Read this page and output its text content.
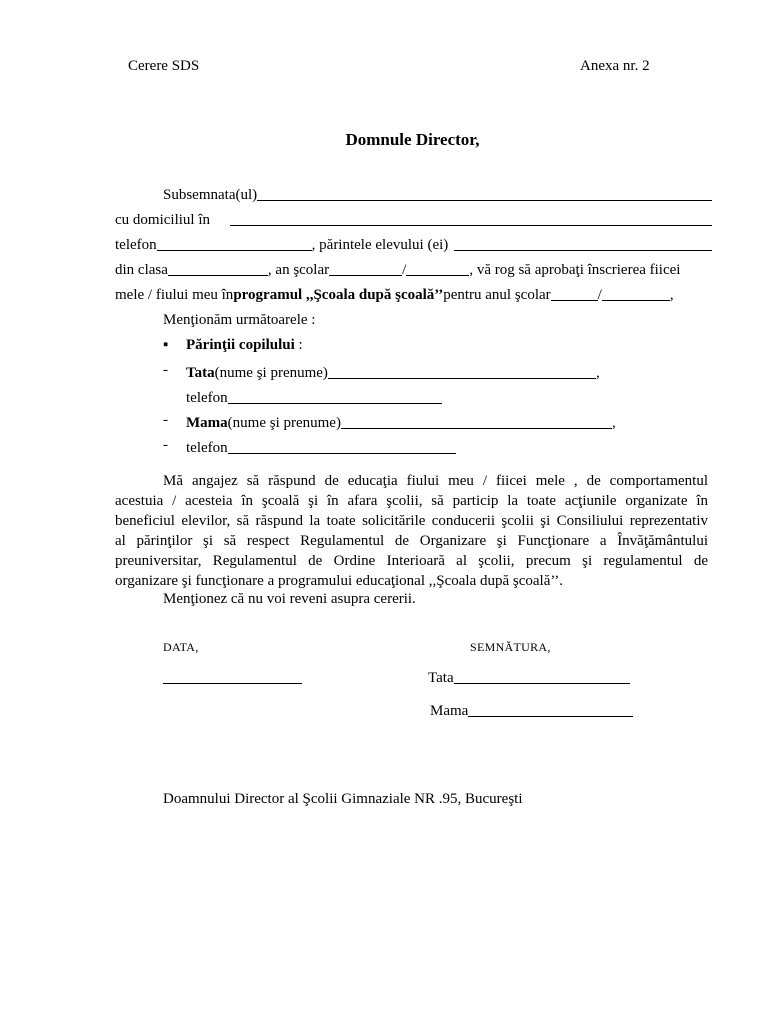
Cerere SDS	Anexa nr. 2
Domnule Director,
Subsemnata(ul)
cu domiciliul în
telefon	, părintele elevului (ei)
din clasa	, an şcolar	/	, vă rog să aprobaţi înscrierea fiicei
mele / fiului meu în programul ,,Şcoala după şcoală’’ pentru anul şcolar	/	,
Menţionăm următoarele :
▪ Părinţii copilului :
- Tata (nume şi prenume)	,
telefon
- Mama (nume şi prenume)	,
- telefon
Mă angajez să răspund de educaţia fiului meu / fiicei mele , de comportamentul
acestuia / acesteia în şcoală şi în afara şcolii, să particip la toate acţiunile organizate în
beneficiul elevilor, să răspund la toate solicitările conducerii şcolii şi Consiliului reprezentativ
al părinţilor şi să respect Regulamentul de Organizare şi Funcţionare a Învăţământului
preuniversitar, Regulamentul de Ordine Interioară al şcolii, precum şi regulamentul de
organizare şi funcţionare a programului educaţional ,,Şcoala după şcoală’’.
Menţionez că nu voi reveni asupra cererii.
DATA,	SEMNĂTURA,
Tata
Mama
Doamnului Director al Şcolii Gimnaziale NR .95, Bucureşti
